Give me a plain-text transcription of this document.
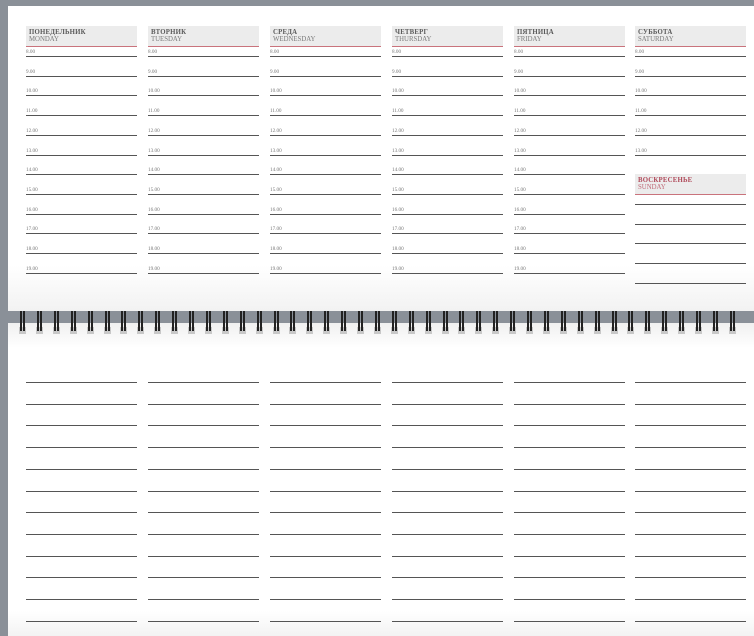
ПОНЕДЕЛЬНИК
MONDAY
8.00
9.00
10.00
11.00
12.00
13.00
14.00
15.00
16.00
17.00
18.00
19.00
ВТОРНИК
TUESDAY
8.00
9.00
10.00
11.00
12.00
13.00
14.00
15.00
16.00
17.00
18.00
19.00
СРЕДА
WEDNESDAY
8.00
9.00
10.00
11.00
12.00
13.00
14.00
15.00
16.00
17.00
18.00
19.00
ЧЕТВЕРГ
THURSDAY
8.00
9.00
10.00
11.00
12.00
13.00
14.00
15.00
16.00
17.00
18.00
19.00
ПЯТНИЦА
FRIDAY
8.00
9.00
10.00
11.00
12.00
13.00
14.00
15.00
16.00
17.00
18.00
19.00
СУББОТА
SATURDAY
8.00
9.00
10.00
11.00
12.00
13.00
ВОСКРЕСЕНЬЕ
SUNDAY
